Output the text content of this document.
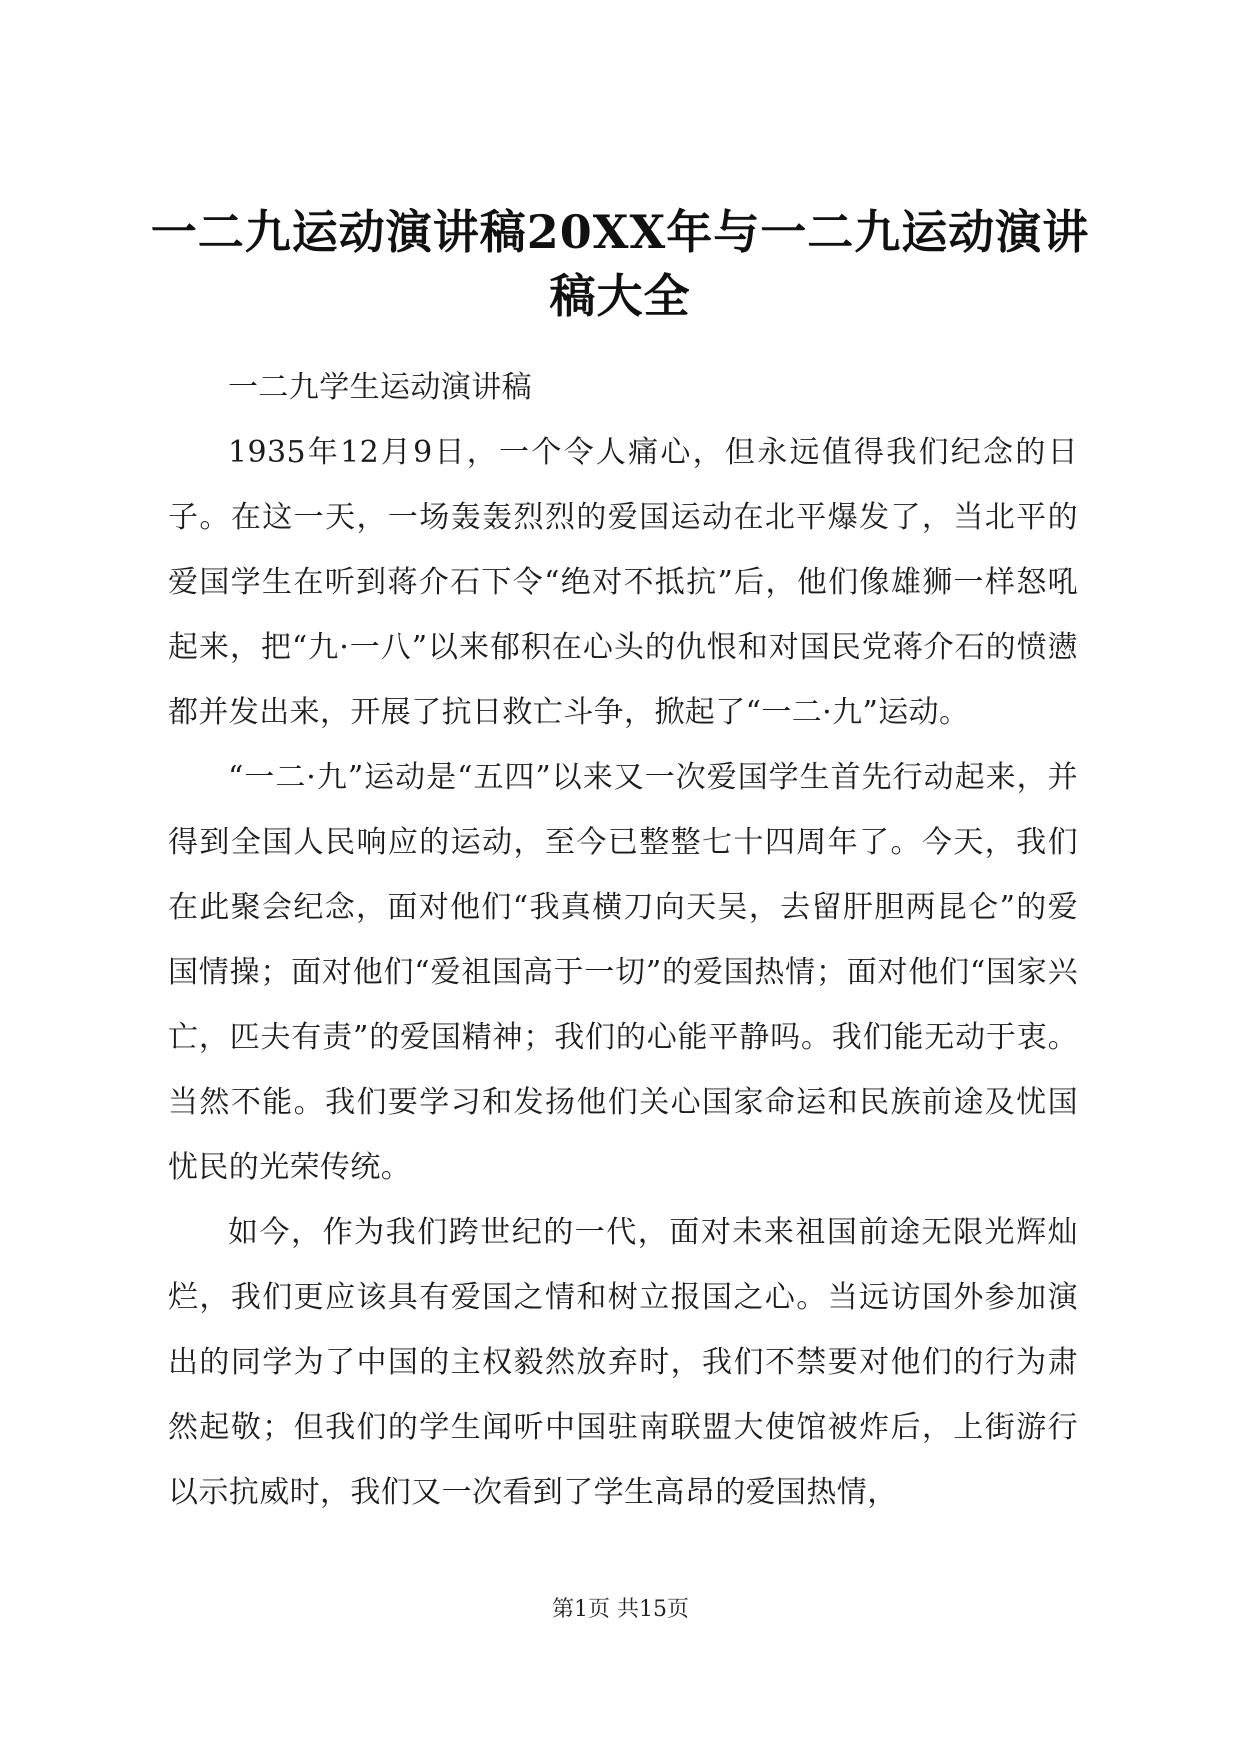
一二九运动演讲稿20XX年与一二九运动演讲稿大全

一二九学生运动演讲稿

1935年12月9日，一个令人痛心，但永远值得我们纪念的日子。在这一天，一场轰轰烈烈的爱国运动在北平爆发了，当北平的爱国学生在听到蒋介石下令“绝对不抵抗”后，他们像雄狮一样怒吼起来，把“九·一八”以来郁积在心头的仇恨和对国民党蒋介石的愤懑都并发出来，开展了抗日救亡斗争，掀起了“一二·九”运动。

“一二·九”运动是“五四”以来又一次爱国学生首先行动起来，并得到全国人民响应的运动，至今已整整七十四周年了。今天，我们在此聚会纪念，面对他们“我真横刀向天吴，去留肝胆两昆仑”的爱国情操；面对他们“爱祖国高于一切”的爱国热情；面对他们“国家兴亡，匹夫有责”的爱国精神；我们的心能平静吗。我们能无动于衷。当然不能。我们要学习和发扬他们关心国家命运和民族前途及忧国忧民的光荣传统。

如今，作为我们跨世纪的一代，面对未来祖国前途无限光辉灿烂，我们更应该具有爱国之情和树立报国之心。当远访国外参加演出的同学为了中国的主权毅然放弃时，我们不禁要对他们的行为肃然起敬；但我们的学生闻听中国驻南联盟大使馆被炸后，上街游行以示抗威时，我们又一次看到了学生高昂的爱国热情，

第1页 共15页
